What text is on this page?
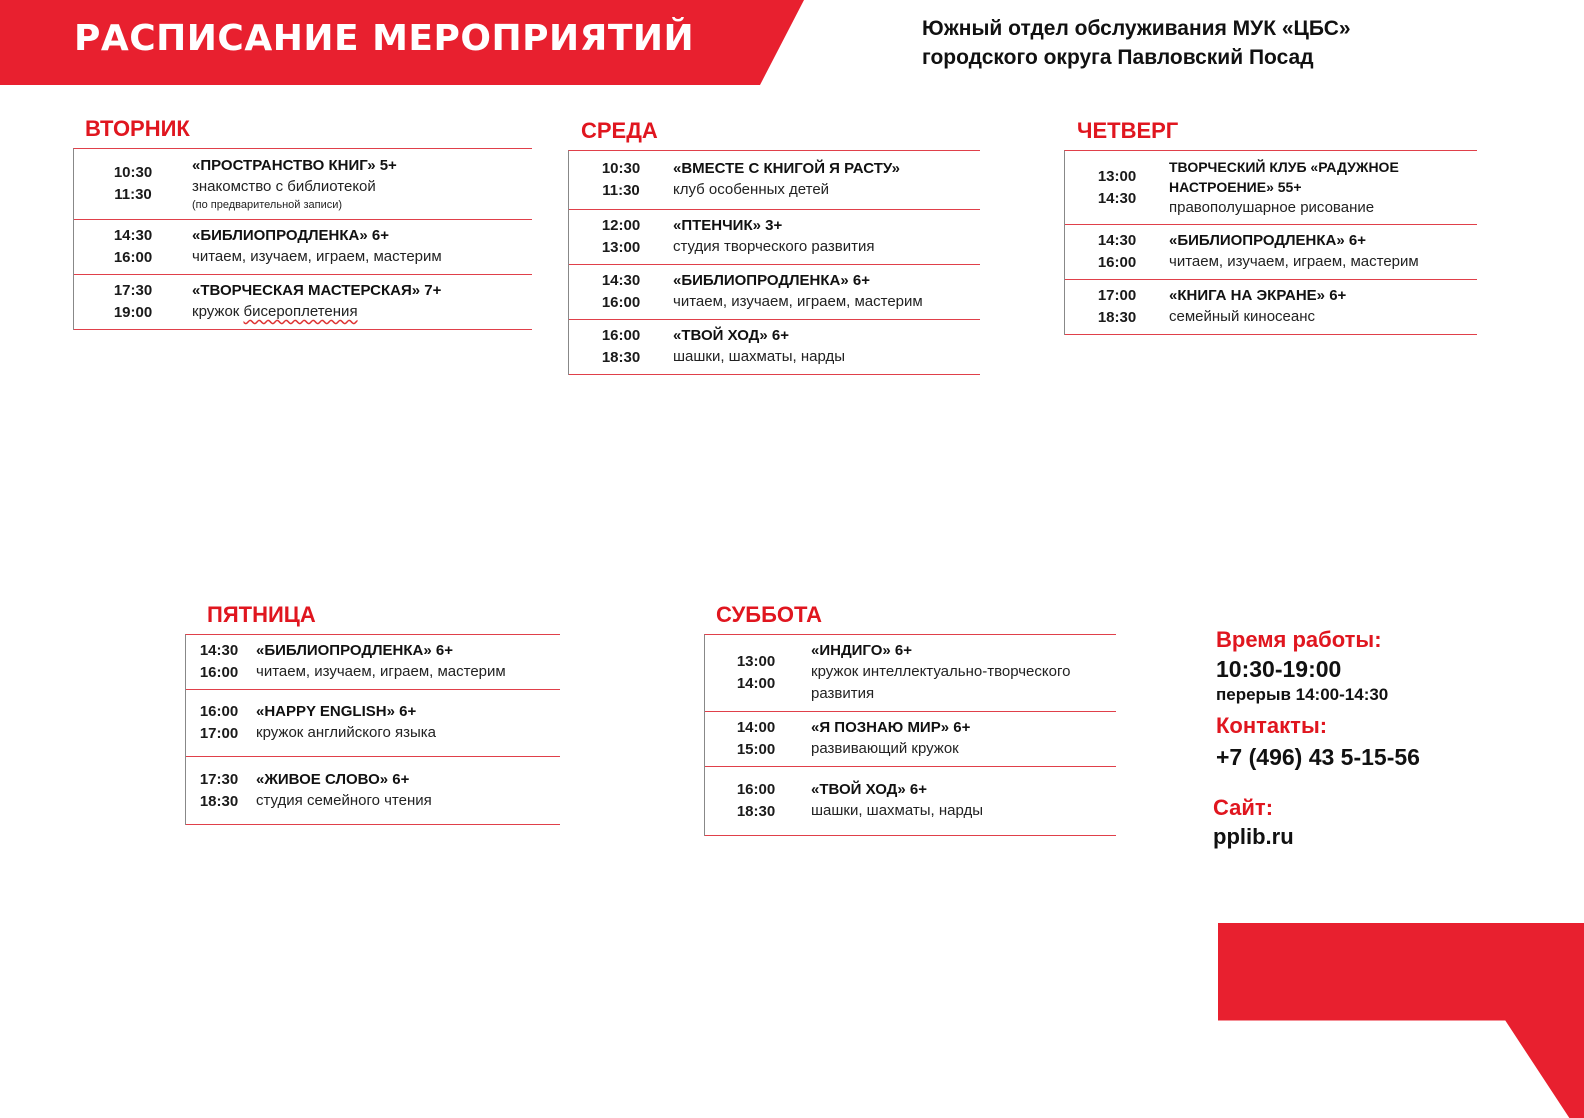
РАСПИСАНИЕ МЕРОПРИЯТИЙ	Южный отдел обслуживания МУК «ЦБС»
городского округа Павловский Посад
ВТОРНИК
10:30
11:30
«ПРОСТРАНСТВО КНИГ» 5+
знакомство с библиотекой
(по предварительной записи)
14:30
16:00
«БИБЛИОПРОДЛЕНКА» 6+
читаем, изучаем, играем, мастерим
17:30
19:00
«ТВОРЧЕСКАЯ МАСТЕРСКАЯ» 7+
кружок бисероплетения
СРЕДА
10:30
11:30
«ВМЕСТЕ С КНИГОЙ Я РАСТУ»
клуб особенных детей
12:00
13:00
«ПТЕНЧИК» 3+
студия творческого развития
14:30
16:00
«БИБЛИОПРОДЛЕНКА» 6+
читаем, изучаем, играем, мастерим
16:00
18:30
«ТВОЙ ХОД» 6+
шашки, шахматы, нарды
ЧЕТВЕРГ
13:00
14:30
ТВОРЧЕСКИЙ КЛУБ «РАДУЖНОЕ НАСТРОЕНИЕ» 55+
правополушарное рисование
14:30
16:00
«БИБЛИОПРОДЛЕНКА» 6+
читаем, изучаем, играем, мастерим
17:00
18:30
«КНИГА НА ЭКРАНЕ» 6+
семейный киносеанс
ПЯТНИЦА
14:30
16:00
«БИБЛИОПРОДЛЕНКА» 6+
читаем, изучаем, играем, мастерим
16:00
17:00
«HAPPY ENGLISH» 6+
кружок английского языка
17:30
18:30
«ЖИВОЕ СЛОВО» 6+
студия семейного чтения
СУББОТА
13:00
14:00
«ИНДИГО» 6+
кружок интеллектуально-творческого развития
14:00
15:00
«Я ПОЗНАЮ МИР» 6+
развивающий кружок
16:00
18:30
«ТВОЙ ХОД» 6+
шашки, шахматы, нарды
Время работы:
10:30-19:00
перерыв 14:00-14:30
Контакты:
+7 (496) 43 5-15-56
Сайт:
pplib.ru
